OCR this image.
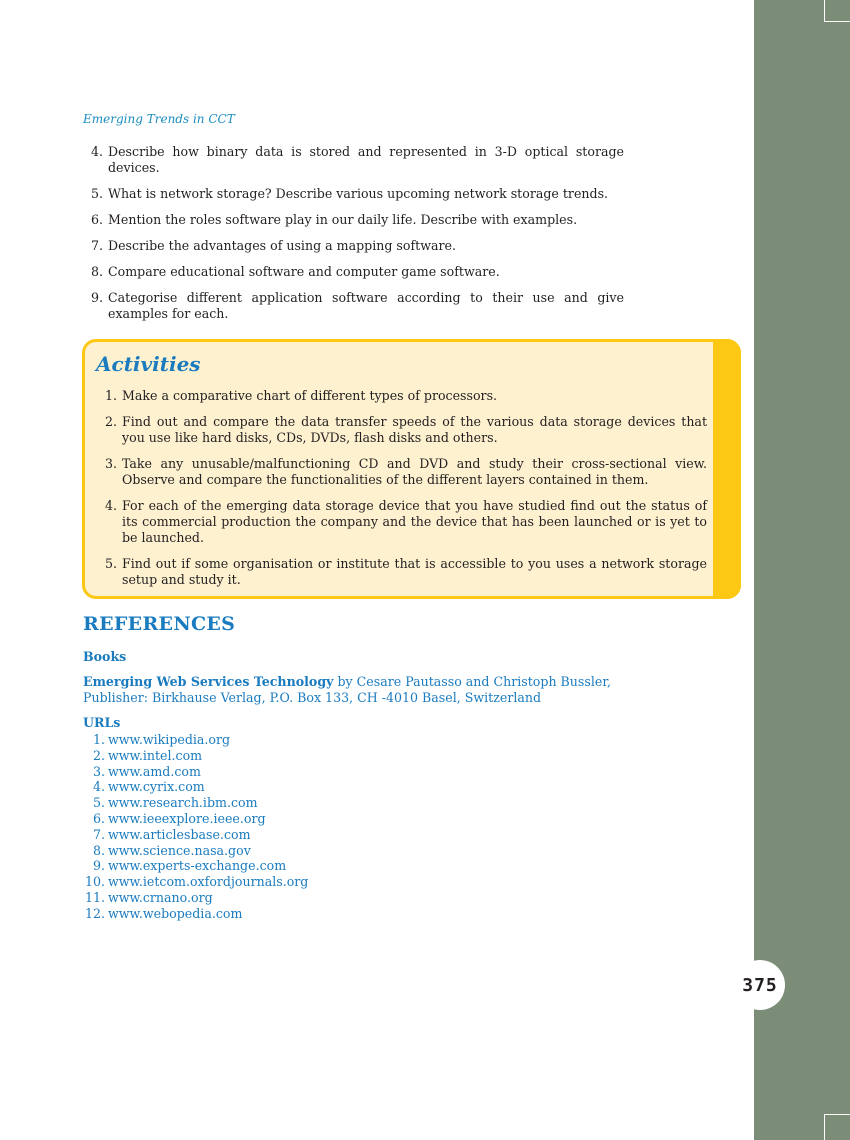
Emerging Trends in CCT
4. Describe how binary data is stored and represented in 3-D optical storage devices.
5. What is network storage? Describe various upcoming network storage trends.
6. Mention the roles software play in our daily life. Describe with examples.
7. Describe the advantages of using a mapping software.
8. Compare educational software and computer game software.
9. Categorise different application software according to their use and give examples for each.
Activities
1. Make a comparative chart of different types of processors.
2. Find out and compare the data transfer speeds of the various data storage devices that you use like hard disks, CDs, DVDs, flash disks and others.
3. Take any unusable/malfunctioning CD and DVD and study their cross-sectional view. Observe and compare the functionalities of the different layers contained in them.
4. For each of the emerging data storage device that you have studied find out the status of its commercial production the company and the device that has been launched or is yet to be launched.
5. Find out if some organisation or institute that is accessible to you uses a network storage setup and study it.
REFERENCES
Books
Emerging Web Services Technology by Cesare Pautasso and Christoph Bussler, Publisher: Birkhause Verlag, P.O. Box 133, CH -4010 Basel, Switzerland
URLs
1. www.wikipedia.org
2. www.intel.com
3. www.amd.com
4. www.cyrix.com
5. www.research.ibm.com
6. www.ieeexplore.ieee.org
7. www.articlesbase.com
8. www.science.nasa.gov
9. www.experts-exchange.com
10. www.ietcom.oxfordjournals.org
11. www.crnano.org
12. www.webopedia.com
375
